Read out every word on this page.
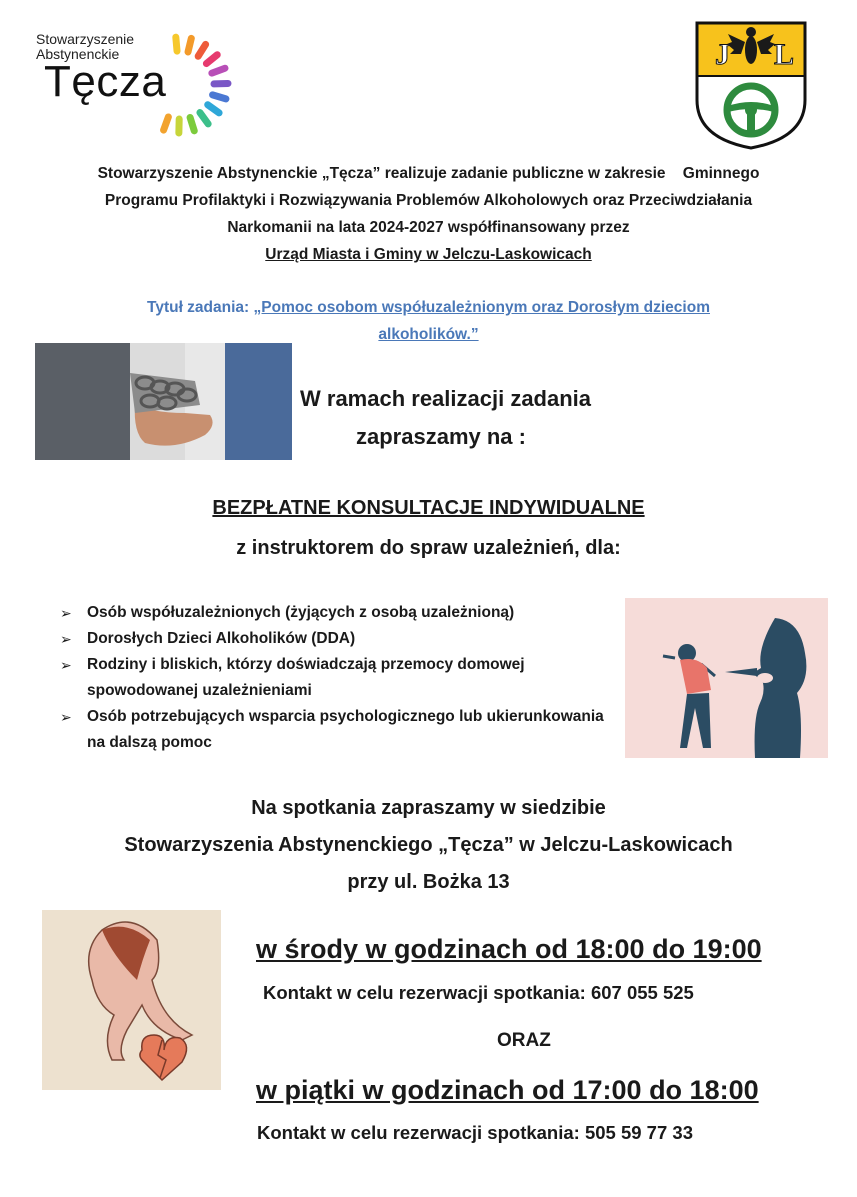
Stowarzyszenie
Abstynenckie
Tęcza
J L
Stowarzyszenie Abstynenckie „Tęcza” realizuje zadanie publiczne w zakresie    Gminnego
Programu Profilaktyki i Rozwiązywania Problemów Alkoholowych oraz Przeciwdziałania
Narkomanii na lata 2024-2027 współfinansowany przez
Urząd Miasta i Gminy w Jelczu-Laskowicach
Tytuł zadania: „Pomoc osobom współuzależnionym oraz Dorosłym dzieciom
alkoholików.”
W ramach realizacji zadania
zapraszamy na :
BEZPŁATNE KONSULTACJE INDYWIDUALNE
z instruktorem do spraw uzależnień, dla:
➢ Osób współuzależnionych (żyjących z osobą uzależnioną)
➢ Dorosłych Dzieci Alkoholików (DDA)
➢ Rodziny i bliskich, którzy doświadczają przemocy domowej spowodowanej uzależnieniami
➢ Osób potrzebujących wsparcia psychologicznego lub ukierunkowania na dalszą pomoc
Na spotkania zapraszamy w siedzibie
Stowarzyszenia Abstynenckiego „Tęcza” w Jelczu-Laskowicach
przy ul. Bożka 13
w środy w godzinach od 18:00 do 19:00
Kontakt w celu rezerwacji spotkania: 607 055 525
ORAZ
w piątki w godzinach od 17:00 do 18:00
Kontakt w celu rezerwacji spotkania: 505 59 77 33
